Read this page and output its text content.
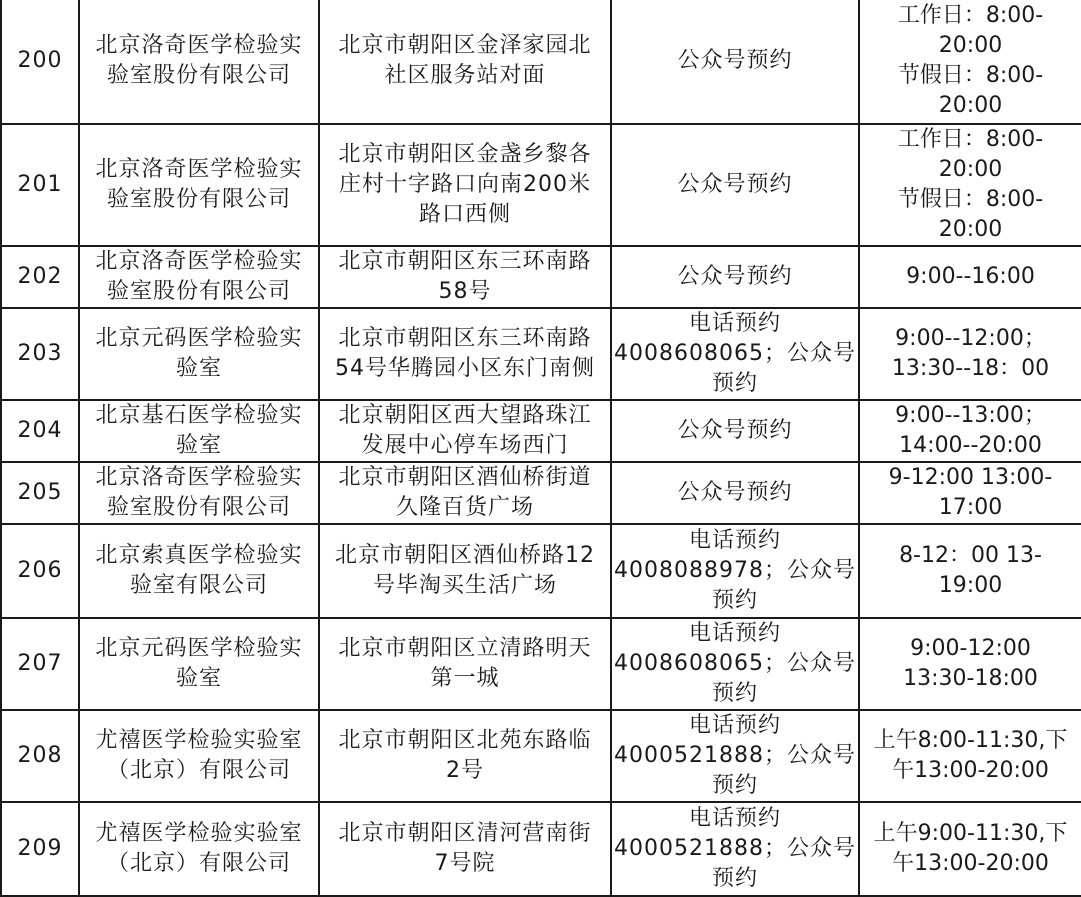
200	北京洛奇医学检验实
验室股份有限公司	北京市朝阳区金泽家园北
社区服务站对面	公众号预约	工作日：8:00-
20:00
节假日：8:00-
20:00

201	北京洛奇医学检验实
验室股份有限公司	北京市朝阳区金盏乡黎各
庄村十字路口向南200米
路口西侧	公众号预约	工作日：8:00-
20:00
节假日：8:00-
20:00

202	北京洛奇医学检验实
验室股份有限公司	北京市朝阳区东三环南路
58号	公众号预约	9:00--16:00

203	北京元码医学检验实
验室	北京市朝阳区东三环南路
54号华腾园小区东门南侧	电话预约
4008608065；公众号
预约	9:00--12:00；
13:30--18：00

204	北京基石医学检验实
验室	北京朝阳区西大望路珠江
发展中心停车场西门	公众号预约	9:00--13:00；
14:00--20:00

205	北京洛奇医学检验实
验室股份有限公司	北京市朝阳区酒仙桥街道
久隆百货广场	公众号预约	9-12:00 13:00-
17:00

206	北京索真医学检验实
验室有限公司	北京市朝阳区酒仙桥路12
号毕淘买生活广场	电话预约
4008088978；公众号
预约	8-12：00 13-
19:00

207	北京元码医学检验实
验室	北京市朝阳区立清路明天
第一城	电话预约
4008608065；公众号
预约	9:00-12:00
13:30-18:00

208	尤禧医学检验实验室
（北京）有限公司	北京市朝阳区北苑东路临
2号	电话预约
4000521888；公众号
预约	上午8:00-11:30,下
午13:00-20:00

209	尤禧医学检验实验室
（北京）有限公司	北京市朝阳区清河营南街
7号院	电话预约
4000521888；公众号
预约	上午9:00-11:30,下
午13:00-20:00
